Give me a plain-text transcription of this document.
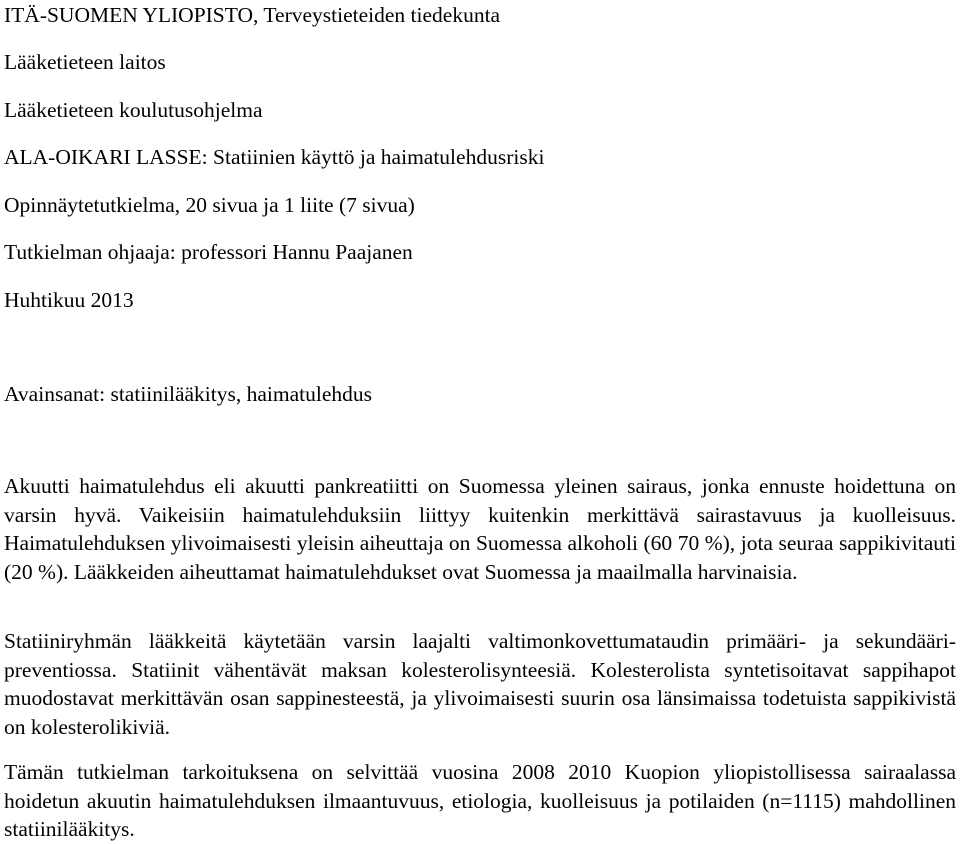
ITÄ-SUOMEN YLIOPISTO, Terveystieteiden tiedekunta
Lääketieteen laitos
Lääketieteen koulutusohjelma
ALA-OIKARI LASSE: Statiinien käyttö ja haimatulehdusriski
Opinnäytetutkielma, 20 sivua ja 1 liite (7 sivua)
Tutkielman ohjaaja: professori Hannu Paajanen
Huhtikuu 2013
Avainsanat: statiinilääkitys, haimatulehdus

Akuutti haimatulehdus eli akuutti pankreatiitti on Suomessa yleinen sairaus, jonka ennuste hoidettuna on varsin hyvä. Vaikeisiin haimatulehduksiin liittyy kuitenkin merkittävä sairastavuus ja kuolleisuus. Haimatulehduksen ylivoimaisesti yleisin aiheuttaja on Suomessa alkoholi (60 70 %), jota seuraa sappikivitauti (20 %). Lääkkeiden aiheuttamat haimatulehdukset ovat Suomessa ja maailmalla harvinaisia.

Statiiniryhmän lääkkeitä käytetään varsin laajalti valtimonkovettumataudin primääri- ja sekundääripreventiossa. Statiinit vähentävät maksan kolesterolisynteesiä. Kolesterolista syntetisoitavat sappihapot muodostavat merkittävän osan sappinesteestä, ja ylivoimaisesti suurin osa länsimaissa todetuista sappikivistä on kolesterolikiviä.

Tämän tutkielman tarkoituksena on selvittää vuosina 2008 2010 Kuopion yliopistollisessa sairaalassa hoidetun akuutin haimatulehduksen ilmaantuvuus, etiologia, kuolleisuus ja potilaiden (n=1115) mahdollinen statiinilääkitys.
